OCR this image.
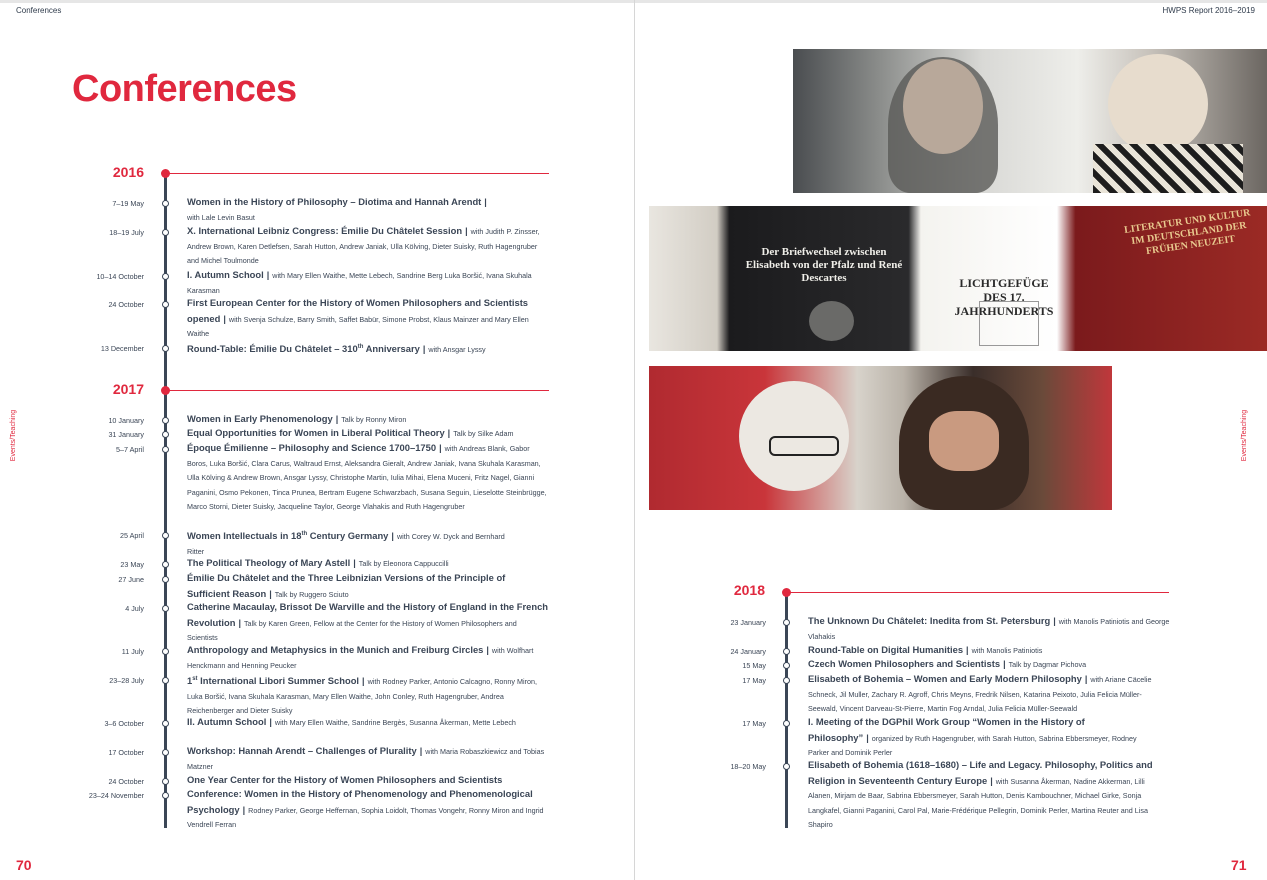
Conferences
Conferences
Events/Teaching
70
2016
7–19 May	Women in the History of Philosophy – Diotima and Hannah Arendt |
with Lale Levin Basut
18–19 July	X. International Leibniz Congress: Émilie Du Châtelet Session | with Judith P. Zinsser, Andrew Brown, Karen Detlefsen, Sarah Hutton, Andrew Janiak, Ulla Kölving, Dieter Suisky, Ruth Hagengruber and Michel Toulmonde
10–14 October	I. Autumn School | with Mary Ellen Waithe, Mette Lebech, Sandrine Berg Luka Boršić, Ivana Skuhala Karasman
24 October	First European Center for the History of Women Philosophers and Scientists opened | with Svenja Schulze, Barry Smith, Saffet Babür, Simone Probst, Klaus Mainzer and Mary Ellen Waithe
13 December	Round-Table: Émilie Du Châtelet – 310th Anniversary | with Ansgar Lyssy
2017
10 January	Women in Early Phenomenology | Talk by Ronny Miron
31 January	Equal Opportunities for Women in Liberal Political Theory | Talk by Silke Adam
5–7 April	Époque Émilienne – Philosophy and Science 1700–1750 | with Andreas Blank, Gabor Boros, Luka Boršić, Clara Carus, Waltraud Ernst, Aleksandra Gieralt, Andrew Janiak, Ivana Skuhala Karasman, Ulla Kölving & Andrew Brown, Ansgar Lyssy, Christophe Martin, Iulia Mihai, Elena Muceni, Fritz Nagel, Gianni Paganini, Osmo Pekonen, Tinca Prunea, Bertram Eugene Schwarzbach, Susana Seguin, Lieselotte Steinbrügge, Marco Storni, Dieter Suisky, Jacqueline Taylor, George Vlahakis and Ruth Hagengruber
25 April	Women Intellectuals in 18th Century Germany | with Corey W. Dyck and Bernhard Ritter
23 May	The Political Theology of Mary Astell | Talk by Eleonora Cappuccilli
27 June	Émilie Du Châtelet and the Three Leibnizian Versions of the Principle of Sufficient Reason | Talk by Ruggero Sciuto
4 July	Catherine Macaulay, Brissot De Warville and the History of England in the French Revolution | Talk by Karen Green, Fellow at the Center for the History of Women Philosophers and Scientists
11 July	Anthropology and Metaphysics in the Munich and Freiburg Circles | with Wolfhart Henckmann and Henning Peucker
23–28 July	1st International Libori Summer School | with Rodney Parker, Antonio Calcagno, Ronny Miron, Luka Boršić, Ivana Skuhala Karasman, Mary Ellen Waithe, John Conley, Ruth Hagengruber, Andrea Reichenberger and Dieter Suisky
3–6 October	II. Autumn School | with Mary Ellen Waithe, Sandrine Bergès, Susanna Åkerman, Mette Lebech
17 October	Workshop: Hannah Arendt – Challenges of Plurality | with Maria Robaszkiewicz and Tobias Matzner
24 October	One Year Center for the History of Women Philosophers and Scientists
23–24 November	Conference: Women in the History of Phenomenology and Phenomenological Psychology | Rodney Parker, George Heffernan, Sophia Loidolt, Thomas Vongehr, Ronny Miron and Ingrid Vendrell Ferran
HWPS Report 2016–2019
Events/Teaching
71
2018
23 January	The Unknown Du Châtelet: Inedita from St. Petersburg | with Manolis Patiniotis and George Vlahakis
24 January	Round-Table on Digital Humanities | with Manolis Patiniotis
15 May	Czech Women Philosophers and Scientists | Talk by Dagmar Pichova
17 May	Elisabeth of Bohemia – Women and Early Modern Philosophy | with Ariane Cäcelie Schneck, Jil Muller, Zachary R. Agroff, Chris Meyns, Fredrik Nilsen, Katarina Peixoto, Julia Felicia Müller-Seewald, Vincent Darveau-St-Pierre, Martin Fog Arndal, Julia Felicia Müller-Seewald
17 May	I. Meeting of the DGPhil Work Group “Women in the History of Philosophy” | organized by Ruth Hagengruber, with Sarah Hutton, Sabrina Ebbersmeyer, Rodney Parker and Dominik Perler
18–20 May	Elisabeth of Bohemia (1618–1680) – Life and Legacy. Philosophy, Politics and Religion in Seventeenth Century Europe | with Susanna Åkerman, Nadine Akkerman, Lilli Alanen, Mirjam de Baar, Sabrina Ebbersmeyer, Sarah Hutton, Denis Kambouchner, Michael Girke, Sonja Langkafel, Gianni Paganini, Carol Pal, Marie-Frédérique Pellegrin, Dominik Perler, Martina Reuter and Lisa Shapiro
Der Briefwechsel zwischen Elisabeth von der Pfalz und René Descartes	LICHTGEFÜGE DES 17. JAHRHUNDERTS
LITERATUR UND KULTUR IM DEUTSCHLAND DER FRÜHEN NEUZEIT
